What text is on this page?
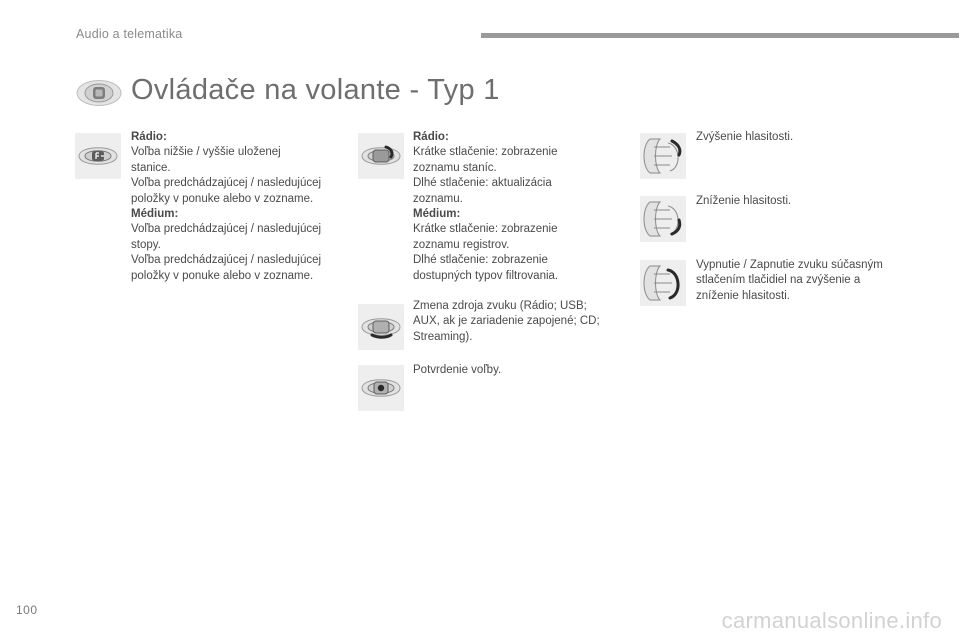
Audio a telematika
Ovládače na volante - Typ 1
Rádio:
Voľba nižšie / vyššie uloženej
stanice.
Voľba predchádzajúcej / nasledujúcej
položky v ponuke alebo v zozname.
Médium:
Voľba predchádzajúcej / nasledujúcej
stopy.
Voľba predchádzajúcej / nasledujúcej
položky v ponuke alebo v zozname.
Rádio:
Krátke stlačenie: zobrazenie
zoznamu staníc.
Dlhé stlačenie: aktualizácia
zoznamu.
Médium:
Krátke stlačenie: zobrazenie
zoznamu registrov.
Dlhé stlačenie: zobrazenie
dostupných typov filtrovania.
Zmena zdroja zvuku (Rádio; USB;
AUX, ak je zariadenie zapojené; CD;
Streaming).
Potvrdenie voľby.
Zvýšenie hlasitosti.
Zníženie hlasitosti.
Vypnutie / Zapnutie zvuku súčasným
stlačením tlačidiel na zvýšenie a
zníženie hlasitosti.
100	carmanualsonline.info
